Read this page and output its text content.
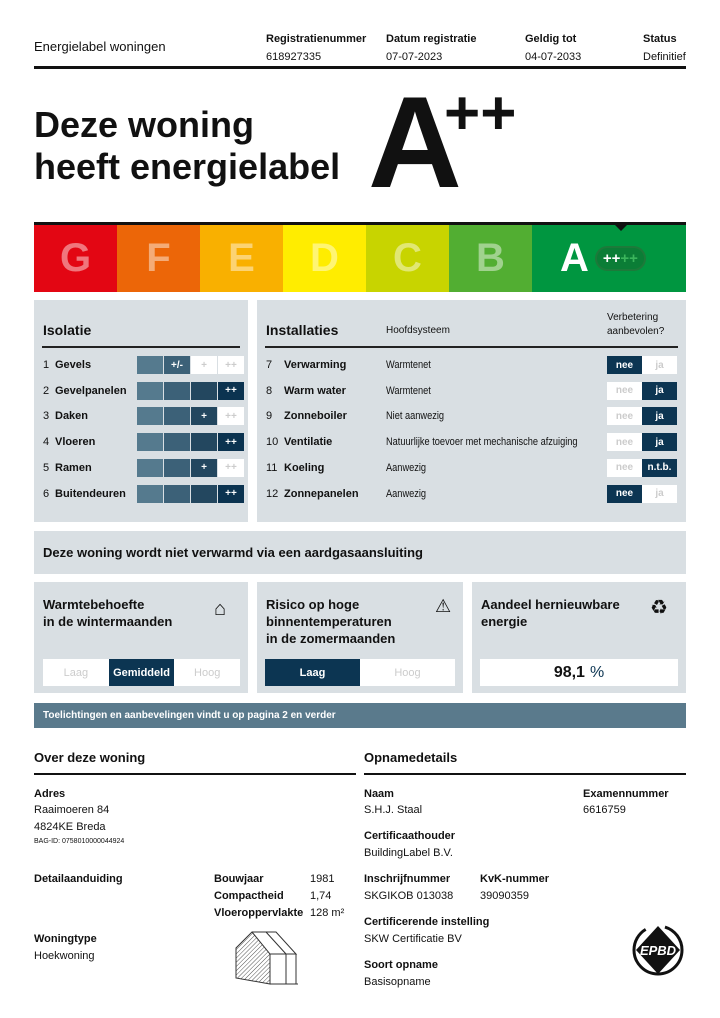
Energielabel woningen	Registratienummer
618927335
Datum registratie
07-07-2023
Geldig tot
04-07-2033
Status
Definitief
Deze woning
heeft energielabel A
++
G F E D C B A ++++
Isolatie
1 Gevels	+/-	+	++
2 Gevelpanelen	++
3 Daken	+	++
4 Vloeren	++
5 Ramen	+	++
6 Buitendeuren	++
Installaties	Hoofdsysteem
Verbetering
aanbevolen?
7	Verwarming	Warmtenet	nee	ja
8	Warm water	Warmtenet	nee	ja
9	Zonneboiler	Niet aanwezig	nee	ja
10 Ventilatie	Natuurlijke toevoer met mechanische afzuiging	nee	ja
11 Koeling	Aanwezig	nee	n.t.b.
12 Zonnepanelen	Aanwezig	nee	ja
Deze woning wordt niet verwarmd via een aardgasaansluiting
Warmtebehoefte
in de wintermaanden
⌂
Laag	Gemiddeld	Hoog
Risico op hoge
binnentemperaturen
in de zomermaanden
⚠
Laag	Hoog
Aandeel hernieuwbare
energie
♻
98,1 %
Toelichtingen en aanbevelingen vindt u op pagina 2 en verder
Over deze woning
Adres
Raaimoeren 84
4824KE Breda
BAG-ID: 0758010000044924
Detailaanduiding	Bouwjaar	1981
Compactheid 1,74
Vloeroppervlakte 128 m²
Woningtype
Hoekwoning
Opnamedetails
Naam
S.H.J. Staal
Examennummer
6616759
Certificaathouder
BuildingLabel B.V.
Inschrijfnummer
SKGIKOB 013038
KvK-nummer
39090359
Certificerende instelling
SKW Certificatie BV
Soort opname
Basisopname
EPBD
